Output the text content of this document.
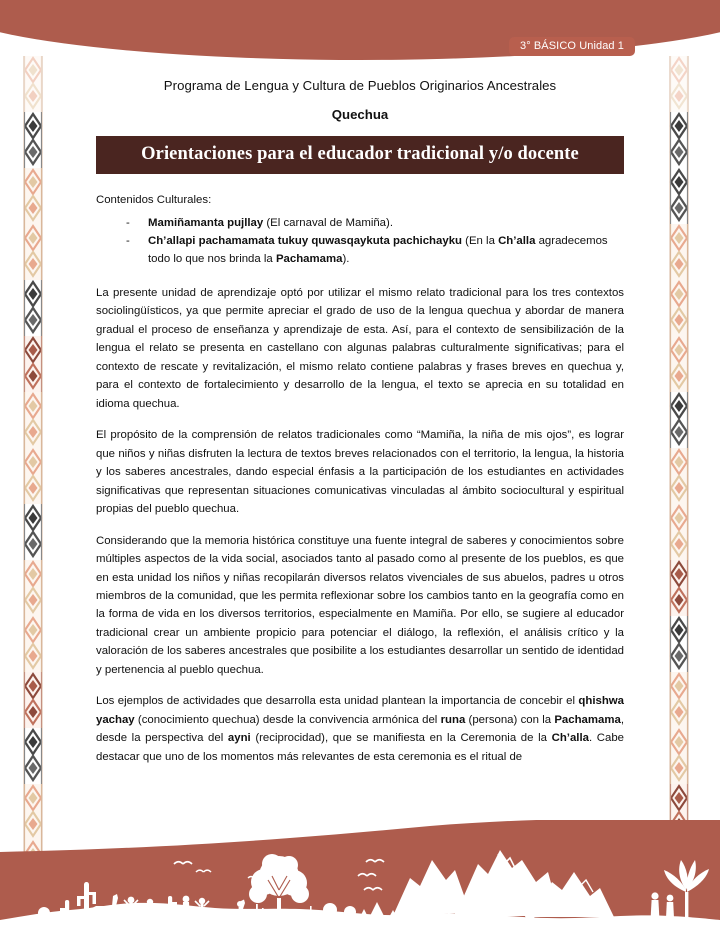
3° BÁSICO Unidad 1
Programa de Lengua y Cultura de Pueblos Originarios Ancestrales
Quechua
Orientaciones para el educador tradicional y/o docente
Contenidos Culturales:
- Mamiñamanta pujllay (El carnaval de Mamiña).
- Ch’allapi pachamamata tukuy quwasqaykuta pachichayku (En la Ch’alla agradecemos todo lo que nos brinda la Pachamama).

La presente unidad de aprendizaje optó por utilizar el mismo relato tradicional para los tres contextos sociolingüísticos, ya que permite apreciar el grado de uso de la lengua quechua y abordar de manera gradual el proceso de enseñanza y aprendizaje de esta. Así, para el contexto de sensibilización de la lengua el relato se presenta en castellano con algunas palabras culturalmente significativas; para el contexto de rescate y revitalización, el mismo relato contiene palabras y frases breves en quechua y, para el contexto de fortalecimiento y desarrollo de la lengua, el texto se aprecia en su totalidad en idioma quechua.

El propósito de la comprensión de relatos tradicionales como “Mamiña, la niña de mis ojos”, es lograr que niños y niñas disfruten la lectura de textos breves relacionados con el territorio, la lengua, la historia y los saberes ancestrales, dando especial énfasis a la participación de los estudiantes en actividades significativas que representan situaciones comunicativas vinculadas al ámbito sociocultural y espiritual propias del pueblo quechua.

Considerando que la memoria histórica constituye una fuente integral de saberes y conocimientos sobre múltiples aspectos de la vida social, asociados tanto al pasado como al presente de los pueblos, es que en esta unidad los niños y niñas recopilarán diversos relatos vivenciales de sus abuelos, padres u otros miembros de la comunidad, que les permita reflexionar sobre los cambios tanto en la geografía como en la forma de vida en los diversos territorios, especialmente en Mamiña. Por ello, se sugiere al educador tradicional crear un ambiente propicio para potenciar el diálogo, la reflexión, el análisis crítico y la valoración de los saberes ancestrales que posibilite a los estudiantes desarrollar un sentido de identidad y pertenencia al pueblo quechua.

Los ejemplos de actividades que desarrolla esta unidad plantean la importancia de concebir el qhishwa yachay (conocimiento quechua) desde la convivencia armónica del runa (persona) con la Pachamama, desde la perspectiva del ayni (reciprocidad), que se manifiesta en la Ceremonia de la Ch’alla. Cabe destacar que uno de los momentos más relevantes de esta ceremonia es el ritual de
